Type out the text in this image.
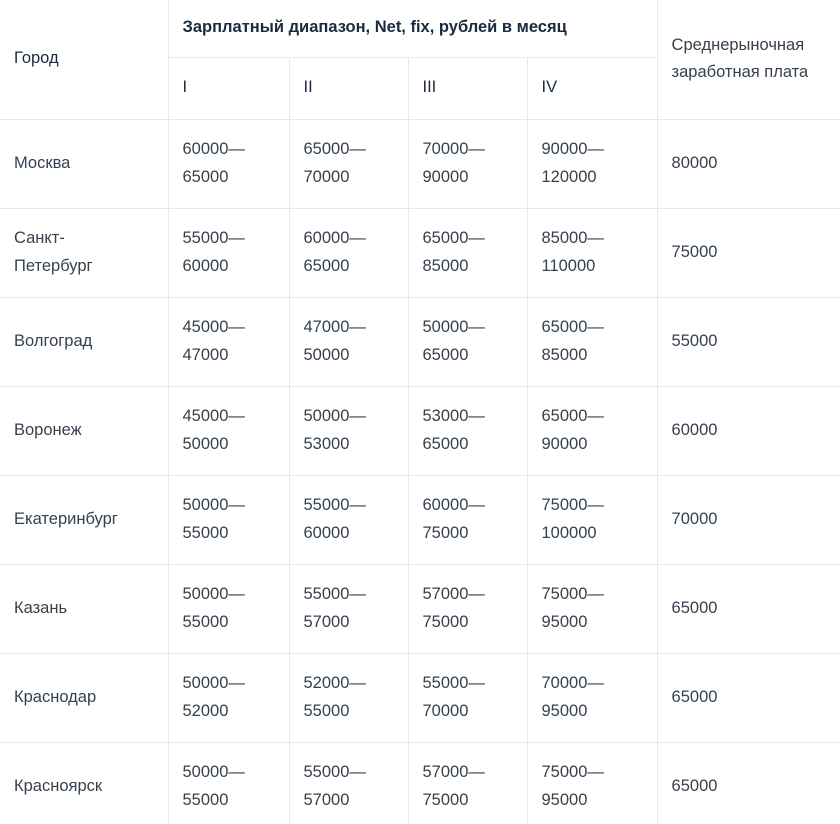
Город	Зарплатный диапазон, Net, fix, рублей в месяц				Среднерыночная заработная плата
	I	II	III	IV	
Москва	60000—65000	65000—70000	70000—90000	90000—120000	80000
Санкт-Петербург	55000—60000	60000—65000	65000—85000	85000—110000	75000
Волгоград	45000—47000	47000—50000	50000—65000	65000—85000	55000
Воронеж	45000—50000	50000—53000	53000—65000	65000—90000	60000
Екатеринбург	50000—55000	55000—60000	60000—75000	75000—100000	70000
Казань	50000—55000	55000—57000	57000—75000	75000—95000	65000
Краснодар	50000—52000	52000—55000	55000—70000	70000—95000	65000
Красноярск	50000—55000	55000—57000	57000—75000	75000—95000	65000
